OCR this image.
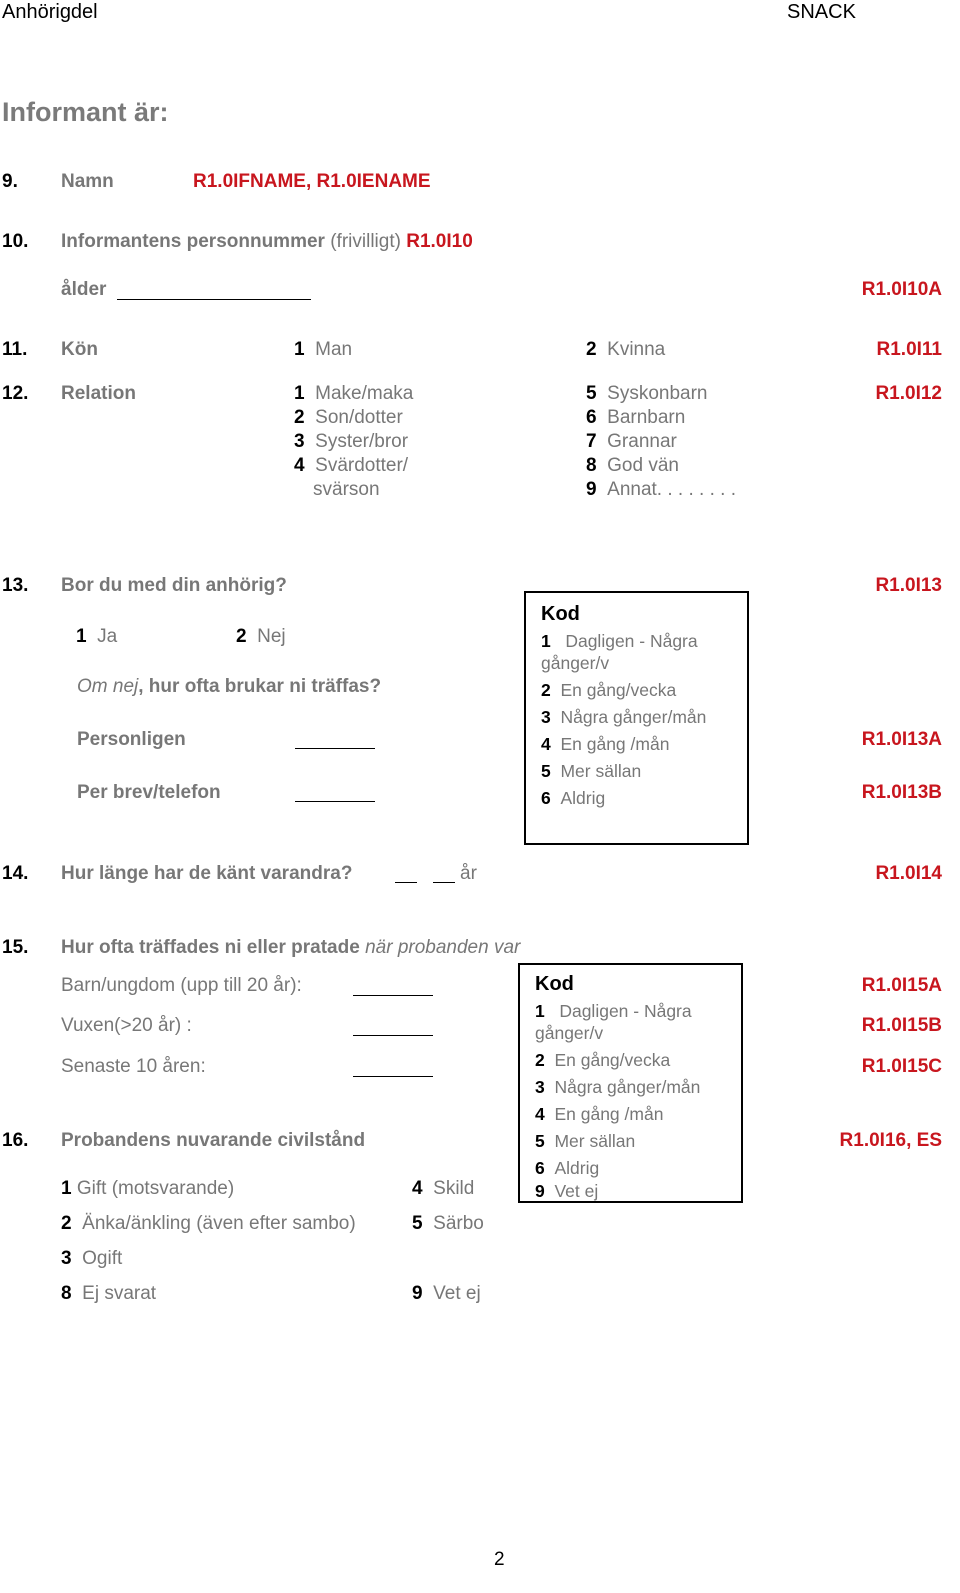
Anhörigdel	SNACK
Informant är:
9. Namn	R1.0IFNAME, R1.0IENAME
10. Informantens personnummer (frivilligt) R1.0I10
ålder	R1.0I10A
11. Kön	1 Man	2 Kvinna	R1.0I11
12. Relation	R1.0I12
1 Make/maka
2 Son/dotter
3 Syster/bror
4 Svärdotter/
svärson
5 Syskonbarn
6 Barnbarn
7 Grannar
8 God vän
9 Annat. . . . . . . .
13. Bor du med din anhörig?	R1.0I13
1 Ja	2 Nej
Om nej, hur ofta brukar ni träffas?
Personligen	R1.0I13A
Per brev/telefon	R1.0I13B
Kod
1 Dagligen - Några
gånger/v
2 En gång/vecka
3 Några gånger/mån
4 En gång /mån
5 Mer sällan
6 Aldrig
14. Hur länge har de känt varandra?	år	R1.0I14
15. Hur ofta träffades ni eller pratade när probanden var
Barn/ungdom (upp till 20 år):	R1.0I15A
Vuxen(>20 år) :	R1.0I15B
Senaste 10 åren:	R1.0I15C
Kod
1 Dagligen - Några
gånger/v
2 En gång/vecka
3 Några gånger/mån
4 En gång /mån
5 Mer sällan
6 Aldrig
9 Vet ej
16. Probandens nuvarande civilstånd	R1.0I16, ES
1 Gift (motsvarande)	4 Skild
2 Änka/änkling (även efter sambo)	5 Särbo
3 Ogift
8 Ej svarat	9 Vet ej
2
